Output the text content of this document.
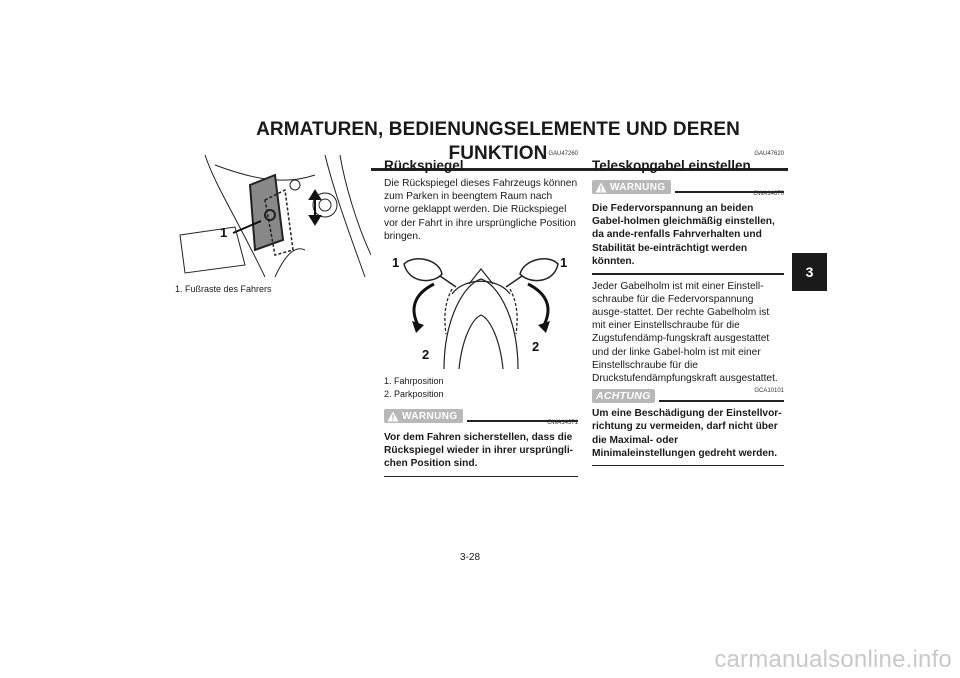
ARMATUREN, BEDIENUNGSELEMENTE UND DEREN FUNKTION
3
1
1. Fußraste des Fahrers
GAU47260
Rückspiegel

Die Rückspiegel dieses Fahrzeugs können zum Parken in beengtem Raum nach vorne geklappt werden. Die Rückspiegel vor der Fahrt in ihre ursprüngliche Position bringen.

1	1
2
2
1. Fahrposition
2. Parkposition
WARNUNG
GWA14371
Vor dem Fahren sicherstellen, dass die Rückspiegel wieder in ihrer ursprüngli-chen Position sind.
GAU47620
Teleskopgabel einstellen
WARNUNG
GWA14670
Die Federvorspannung an beiden Gabel-holmen gleichmäßig einstellen, da ande-renfalls Fahrverhalten und Stabilität be-einträchtigt werden könnten.

Jeder Gabelholm ist mit einer Einstell-schraube für die Federvorspannung ausge-stattet. Der rechte Gabelholm ist mit einer Einstellschraube für die Zugstufendämp-fungskraft ausgestattet und der linke Gabel-holm ist mit einer Einstellschraube für die Druckstufendämpfungskraft ausgestattet.

GCA10101
ACHTUNG
Um eine Beschädigung der Einstellvor-richtung zu vermeiden, darf nicht über die Maximal- oder Minimaleinstellungen gedreht werden.
3-28
carmanualsonline.info
